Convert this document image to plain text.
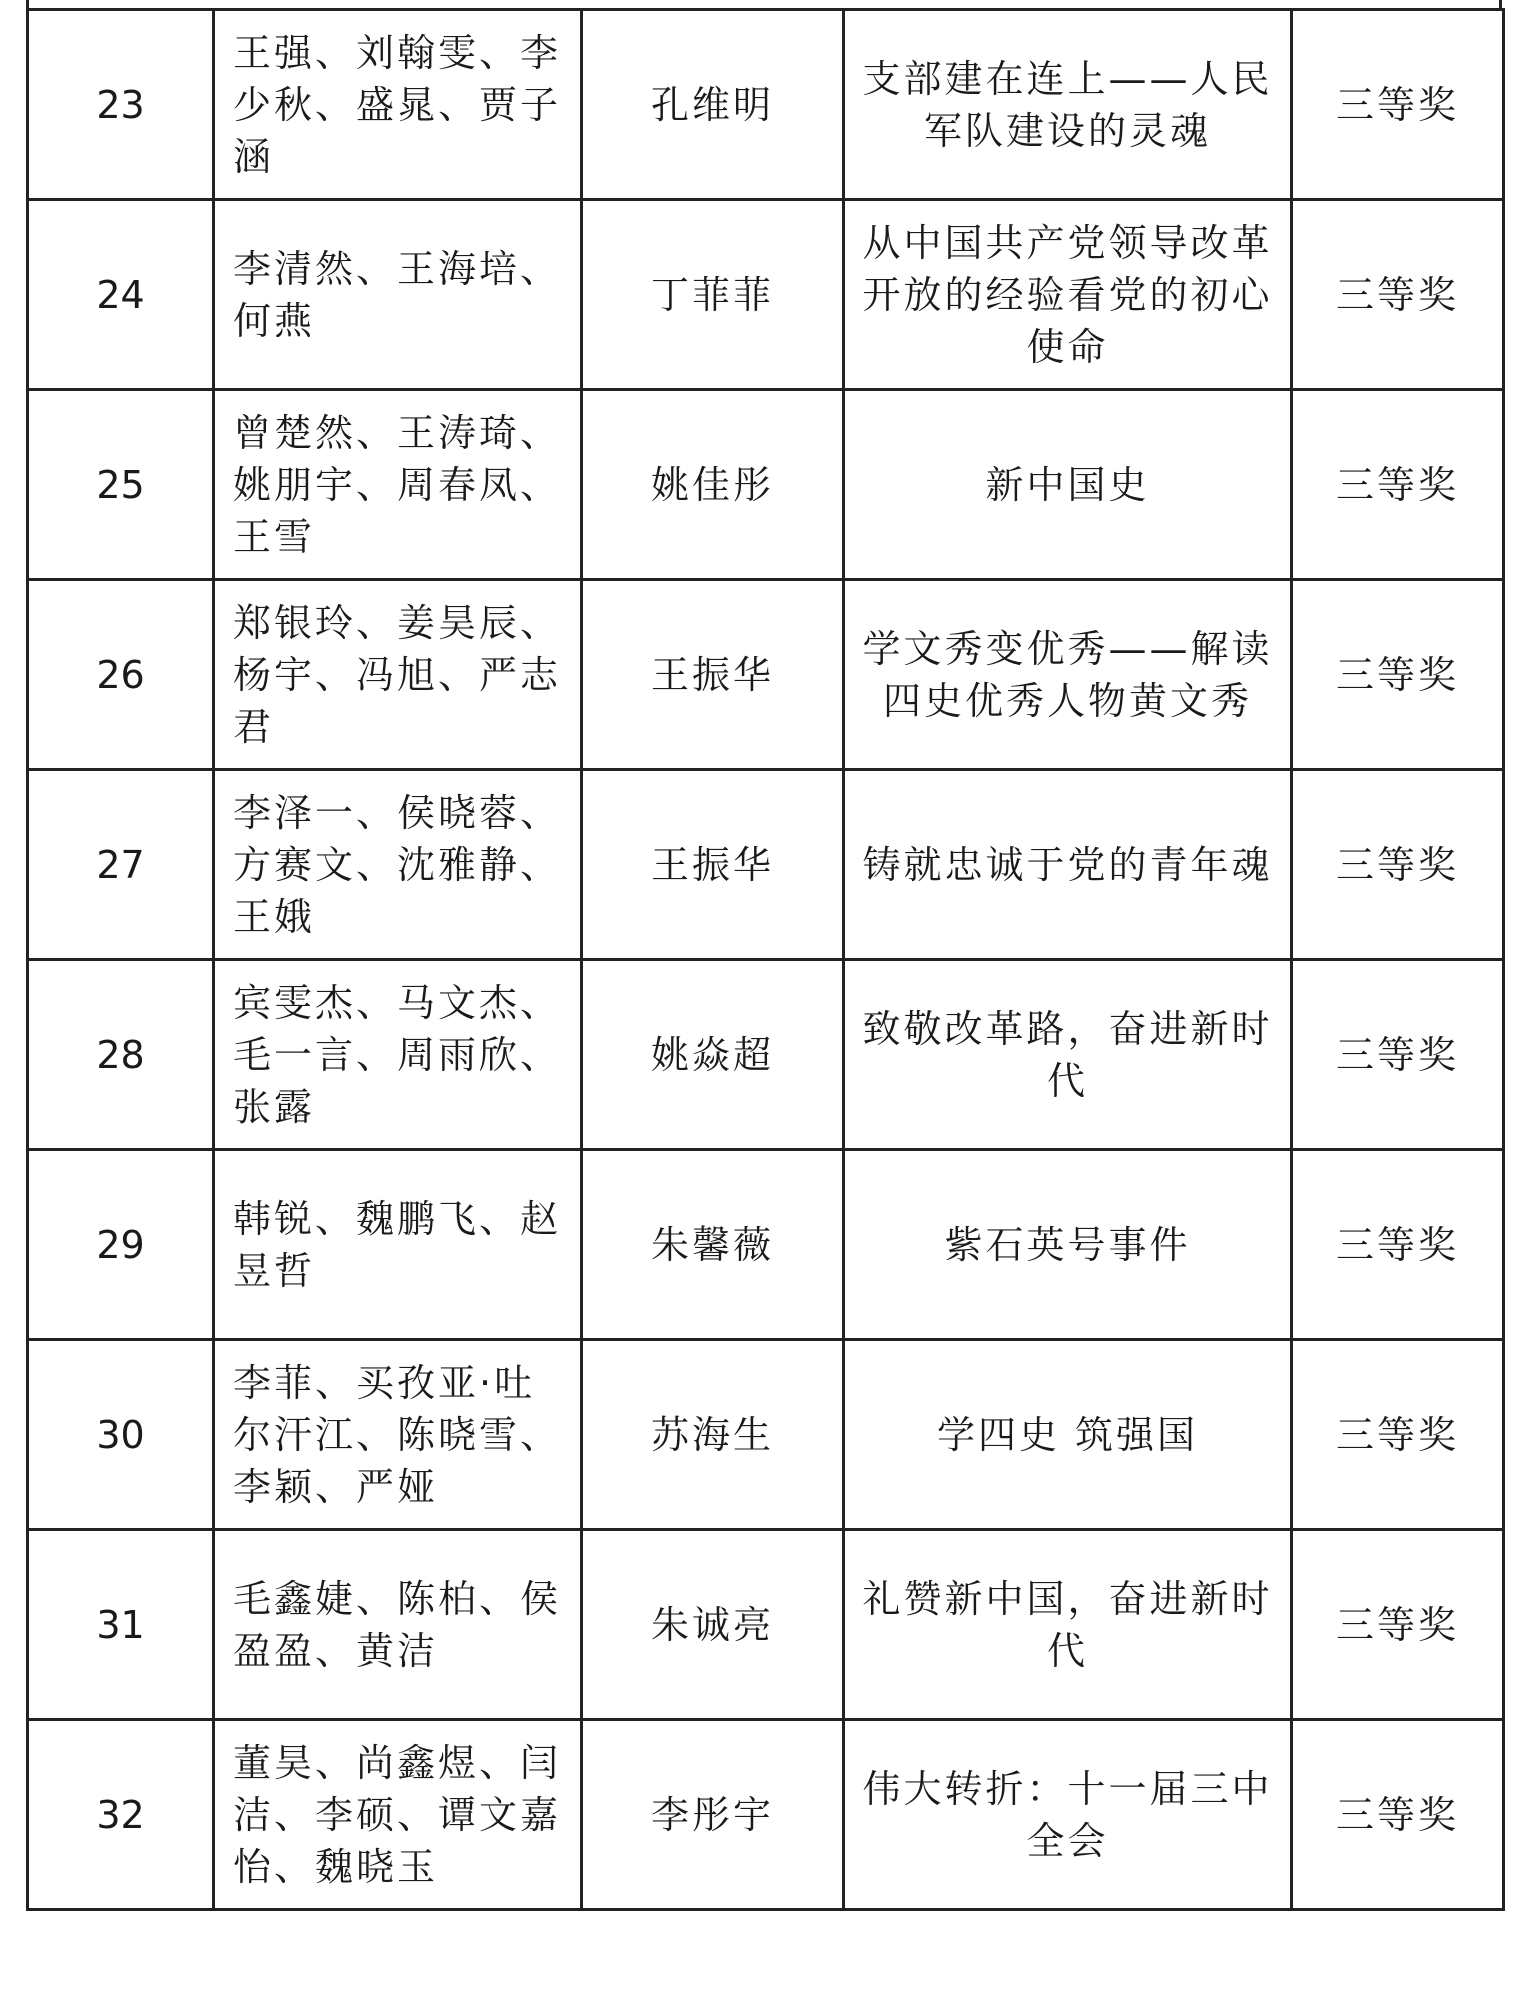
23	王强、刘翰雯、李少秋、盛晁、贾子涵	孔维明	支部建在连上——人民军队建设的灵魂	三等奖
24	李清然、王海培、何燕	丁菲菲	从中国共产党领导改革开放的经验看党的初心使命	三等奖
25	曾楚然、王涛琦、姚朋宇、周春凤、王雪	姚佳彤	新中国史	三等奖
26	郑银玲、姜昊辰、杨宇、冯旭、严志君	王振华	学文秀变优秀——解读四史优秀人物黄文秀	三等奖
27	李泽一、侯晓蓉、方赛文、沈雅静、王娥	王振华	铸就忠诚于党的青年魂	三等奖
28	宾雯杰、马文杰、毛一言、周雨欣、张露	姚焱超	致敬改革路，奋进新时代	三等奖
29	韩锐、魏鹏飞、赵昱哲	朱馨薇	紫石英号事件	三等奖
30	李菲、买孜亚·吐尔汗江、陈晓雪、李颖、严娅	苏海生	学四史 筑强国	三等奖
31	毛鑫婕、陈柏、侯盈盈、黄洁	朱诚亮	礼赞新中国，奋进新时代	三等奖
32	董昊、尚鑫煜、闫洁、李硕、谭文嘉怡、魏晓玉	李彤宇	伟大转折：十一届三中全会	三等奖
